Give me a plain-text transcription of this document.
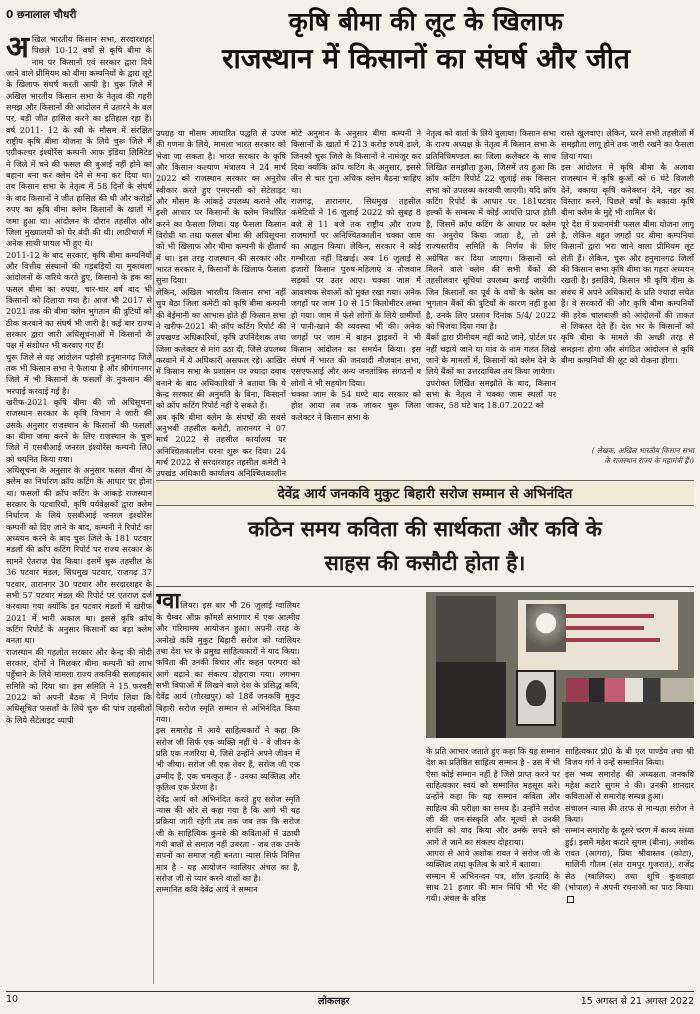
0 छनालाल चौधरी	कृषि बीमा की लूट के खिलाफ
राजस्थान में किसानों का संघर्ष और जीत
अ खिल भारतीय किसान सभा, सरदारशहर पिछले 10-12 वर्षों से कृषि बीमा के नाम पर किसानों एवं सरकार द्वारा दिये जाने वाले प्रीमियम को बीमा कम्पनियों के द्वारा लूटे के खिलाफ संघर्ष करती आयी है। चुरू जिले में अखिल भारतीय किसान सभा के नेतृत्व की गहरी समझ और किसानों की आंदोलन में उतारने के बल पर, बड़ी जीत हासिल करने का इतिहास रहा है। वर्ष 2011- 12 के रबी के मौसम में संरक्षित राष्ट्रीय कृषि बीमा योजना के लिये चुरू जिले में एग्रीकल्चर इंश्योरेंस कम्पनी आफ इंडिया लिमिटेड ने जिले में चने की फसल की बुआई नहीं होने का बहाना बना कर क्लेम देने से मना कर दिया था। तब किसान सभा के नेतृत्व में 58 दिनों के संघर्ष के बाद किसानों ने जीत हासिल की थी और करोड़ों रुपए का कृषि बीमा क्लेम किसानों के खातों में जमा हुआ था। आंदोलन के दौरान तहसील और जिला मुख्यालयों को घेर बंदी की थी। लाठीचार्ज में अनेक साथी घायल भी हुए थे।

2011-12 के बाद सरकार, कृषि बीमा कम्पनियों और वित्तीय संस्थानों की गड़बड़ियों या मुकाबला आंदोलनों के जरिये करते हुए, किसानो के हक का फसल बीमा का रुपया, चार-चार वर्ष बाद भी किसानों को दिलाया गया है। आज भी 2017 से 2021 तक की बीमा क्लेम भुगतान की त्रुटियों को ठीक करवाने का संघर्ष भी जारी है। कई बार राज्य सरकार द्वारा जारी अधिसूचनाओं में किसानों के पक्ष में संशोधन भी करवाए गए हैं।

चुरू जिले से यह आंदोलन पड़ोसी हनुमानगढ़ जिले तक भी किसान सभा ने फैलाया है और श्रीगंगानगर जिले में भी किसानों के फसलों के नुकसान की भरपाई करवाई गई है।

खरीफ-2021 कृषि बीमा की जो अधिसूचना राजस्थान सरकार के कृषि विभाग ने जारी की उसके अनुसार राजस्थान के किसानों की फसलों का बीमा जमा करने के लिए राजस्थान के चुरू जिले में एसबीआई जनरल इंश्योरेंस कम्पनी लि0 को चयनित किया गया।

अधिसूचना के अनुसार के अनुसार फसल बीमा के क्लेम का निर्धारण क्रॉप कटिंग के आधार पर होना था। फसलों की क्रॉप कटिंग के आंकड़े राजस्थान सरकार के पटवारियों, कृषि पर्यवेक्षकों द्वारा क्लेम निर्धारण के लिये एसबीआई जनरल इंश्योरेंस कम्पनी को दिए जाने के बाद, कम्पनी ने रिपोर्ट का अध्ययन करने के बाद चुरू जिले के 181 पटवार मंडलों की क्रॉप कटिंग रिपोर्ट पर राज्य सरकार के सामने ऐतराज पेश किया। इसमें चुरू तहसील के 36 पटवार मंडल, सिधमुख पटवार, राजगढ़ 37 पटवार, तारानगर 30 पटवार और सरदारशहर के सभी 57 पटवार मंडल की रिपोर्ट पर एतराज दर्ज करवाया गया क्योंकि इन पटवार मंडलों में खरीफ 2021 में भारी अकाल था। इससे कृषि क्रॉप कटिंग रिपोर्ट के अनुसार किसानों का बड़ा क्लेम बनता था।

राजस्थान की गहलोत सरकार और केन्द्र की मोदी सरकार, दोनों ने मिलकर बीमा कम्पनी को लाभ पहुँचाने के लिये मामला राज्य तकनिकी सलाहकार समिति को दिया था। इस समिति ने 15 फरवरी 2022 को अपनी बैठक में निर्णय लिया कि अधिसूचित फसलों के लिये चुरू की पांच तहसीलों के लिये सैटेलाइट व्यापी

उपग्रह या मौसम आधारित पद्धति से उपज की गणना के लिये, मामला भारत सरकार को भेजा जा सकता है। भारत सरकार के कृषि और किसान कल्याण मंत्रालय ने 24 मार्च 2022 को राजस्थान सरकार का अनुरोध स्वीकार करते हुए एमएनसी को सेटेलाइट और मौसम के आंकड़े उपलब्ध कराने और इसी आधार पर किसानों के क्लेम निर्धारित करने का फैसला लिया। यह फैसला किसान विरोधी था तथा फसल बीमा की अधिसूचना को भी खिलाफ और बीमा कम्पनी के हीतार्थ में था। इस तरह राजस्थान की सरकार और भारत सरकार ने, किसानों के खिलाफ फैसला सुना दिया।

लेकिन, अखिल भारतीय किसान सभा नहीं चुप बैठा जिला कमेटी को कृषि बीमा कम्पनी की बेईमानी का आभास होते ही किसान सभा ने खरीफ-2021 की क्रॉप कटिंग रिपोर्ट की उपखण्ड अधिकारियों, कृषि उपनिदेशक तथा जिला कलेक्टर से मांग उठा दी, जिसे उपलब्ध करवाने में ये अधिकारी असफल रहे। आखिर में किसान सभा के प्रशासन पर ज्यादा दबाव बनाने के बाद अधिकारियों ने बताया कि ये केन्द्र सरकार की अनुमति के बिना, किसानों को क्रॉप कटिंग रिपोर्ट नहीं दे सकते हैं।

अब कृषि बीमा क्लेम के संघर्षों की सबसे अनुभवी तहसील कमेटी, तारानगर ने 07 मार्च 2022 से तहसील कार्यालय पर अनिश्चितकालीन धरना शुरू कर दिया। 24 मार्च 2022 से सरदारशहर तहसील कमेटी ने उपखंड अधिकारी कार्यालय अनिश्चितकालीन

मोटे अनुमान के अनुसार बीमा कम्पनी ने किसानों के खातों में 213 करोड़ रुपये डाले, जिनको चुरू जिले के किसानों ने नामंजूर कर दिया क्योंकि क्रॉप कटिंग के अनुसार, इससे तीन से चार गुना अधिक क्लेम बैठना चाहिए था।

राजगढ़, तारानगर, सिधमुख तहसील कमेटियों ने 16 जुलाई 2022 को सुबह 8 बजे से 11 बजे तक राष्ट्रीय और राज्य राजमार्गों पर अनिश्चितकालीन चक्का जाम का आह्वान किया। लेकिन, सरकार ने कोई गम्भीरता नहीं दिखाई। अब 16 जुलाई से हजारों किसान पुरुष-महिलाएं व नौजवान सड़कों पर उतर आए। चक्का जाम में आवश्यक सेवाओं को मुक्त रखा गया। अनेक जगहों पर जाम 10 से 15 किलोमीटर लम्बा हो गया। जाम में फंसे लोगों के लिये ग्रामीणों ने पानी-खाने की व्यवस्था भी की। अनेक जगहों पर जाम में वाहन ड्राइवरों ने भी किसान आंदोलन का समर्थन किया। इस संघर्ष में भारत की जनवादी नौजवान सभा, एसएफआई और अन्य जनतांत्रिक संगठनों व लोगों ने भी सहयोग दिया।

चक्का जाम के 54 घण्टे बाद सरकार को होश आया तब तक जाकर चुरू जिला कलेक्टर ने किसान सभा के

नेतृत्व को वार्ता के लिये बुलाया। किसान सभा के राज्य अध्यक्ष के नेतृत्व में किसान सभा के प्रतिनिधिमण्डल का जिला कलेक्टर के साथ लिखित समझौता हुआ, जिसमें तय हुआ कि क्रॉप कटिंग रिपोर्ट 22 जुलाई तक किसान सभा को उपलब्ध करवायी जाएगी। यदि क्रॉप कटिंग रिपोर्ट के आधार पर 181पटवार हल्कों के सम्बन्ध में कोई आपत्ति प्राप्त होती है, जिसमें क्रॉप कटिंग के आधार पर क्लेम का अनुरोध किया जाता है, तो उसे राज्यस्तरीय समिति के निर्णय के लिए अग्रेषित कर दिया जाएगा। किसानों को मिलने वाले क्लेम की सभी बैंकों की तहसीलवार सूचियां उपलब्ध कराई जायेंगी। जिन किसानों का पूर्व के वर्षों के क्लेम का भुगतान बैंकों की त्रुटियों के कारण नहीं हुआ है, उनके लिए प्रस्ताव दिनांक 5/4/ 2022 को भिजवा दिया गया है।

बैंकों द्वारा प्रीमीयम नहीं काटे जाने, पोर्टल पर नहीं चढ़ाये जाने या गांव के नाम गलत लिखे जाने के मामलों में, किसानों को क्लेम देने के लिये बैंकों का उत्तरदायित्व तय किया जायेगा।

उपरोक्त लिखित समझौते के बाद, किसान सभा के नेतृत्व ने चक्का जाम स्थलों पर जाकर, 58 घंटे बाद 18.07.2022 को

रास्ते खुलवाए। लेकिन, धरने सभी तहसीलों में समझौता लागू होने तक जारी रखने का फैसला लिया गया।

इस आंदोलन में कृषि बीमा के अलावा राजस्थान में कृषि कुओं को 6 घंटे बिजली देने, बकाया कृषि कनेक्शन देने, नहर का विस्तार करने, पिछले वर्षों के बकाया कृषि बीमा क्लेम के मुद्दे भी शामिल थे।

पूरे देश में प्रधानमंत्री फसल बीमा योजना लागू है, लेकिन बहुत जगहों पर बीमा कम्पनियां किसानों द्वारा भरा जाने वाला प्रीमियम लूट लेती हैं। लेकिन, चुरू और हनुमानगढ़ जिलों की किसान सभा कृषि बीमा का गहरा अध्ययन रखती है। इसलिये, किसान भी कृषि बीमा के संबंध में अपने अधिकारों के प्रति ज्यादा सचेत हैं। वे सरकारों की और कृषि बीमा कम्पनियों की हरेक चालबाजी को आंदोलनों की ताकत से शिकस्त देते हैं। देश भर के किसानों को कृषि बीमा के मामले की अच्छी तरह से समझना होगा और संगठित आंदोलन से कृषि बीमा कम्पनियों की लूट को रोकना होगा।

( लेखक, अखिल भारतीय किसान सभा
के राजस्थान राज्य के महामंत्री हैं।)
देवेंद्र आर्य जनकवि मुकुट बिहारी सरोज सम्मान से अभिनंदित
कठिन समय कविता की सार्थकता और कवि के
साहस की कसौटी होता है।

ग्वालियर। इस बार भी 26 जुलाई ग्वालियर के चैम्बर ऑफ़ कॉमर्स सभागार में एक आत्मीय और गरिमामय आयोजन हुआ। अपनी तरह के अनोखे कवि मुकुट बिहारी सरोज को ग्वालियर तथा देश भर के प्रमुख साहित्यकारों ने याद किया। कविता की उनकी विचार और कहन परम्परा को आगे बढ़ाने का संकल्प दोहराया गया। लगभग सभी विधाओं में लिखने वाले देश के प्रसिद्ध कवि, देवेंद्र आर्य (गोरखपुर) को 18वें जनकवि मुकुट बिहारी सरोज स्मृति सम्मान से अभिनंदित किया गया।

इस समारोह में आये साहित्यकारों ने कहा कि सरोज जी सिर्फ एक व्यक्ति नहीं थे - वे जीवन के प्रति एक नजरिया थे, जिसे उन्होंने अपने जीवन में भी जीया। सरोज जी एक तेवर हैं, सरोज जी एक उम्मीद हैं, एक चमत्कृत हैं - उनका व्यक्तित्व और कृतित्व एक प्रेरणा है।

देवेंद्र आर्य को अभिनंदित करते हुए सरोज स्मृति न्यास की ओर से कहा गया है कि आगे भी यह प्रक्रिया जारी रहेगी तब तक जब तक कि सरोज जी के साहित्यिक कुनबे की कविताओं में उठायी गयी बातों से समाज नहीं उबरता - जब तक उनके सपनों का समाज नहीं बनता। न्यास सिर्फ निमित्त मात्र है - यह आयोजन ग्वालियर अंचल का है, सरोज जी से प्यार करने वालों का है।

सम्मानित कवि देवेंद्र आर्य ने सम्मान

के प्रति आभार जताते हुए कहा कि यह सम्मान देश का प्रतिष्ठित साहित्य सम्मान है - उस में भी ऐसा कोई सम्मान नहीं है जिसे प्राप्त करने पर साहित्यकार स्वयं को सम्मानित महसूस करे। उन्होंने कहा कि यह सम्मान कविता और साहित्य की परीक्षा का समय है। उन्होंने सरोज जी की जन-संस्कृति और मूल्यों से उनकी संगति को याद किया और उनके सपने को आगे ले जाने का संकल्प दोहराया।

आगरा से आये अशोक रावत ने सरोज जी के व्यक्तित्व तथा कृतित्व के बारे में बताया।

सम्मान में अभिनन्दन पत्र, शॉल इत्यादि के साथ 21 हजार की मान निधि भी भेंट की गयी। अंचल के वरिष्ठ

साहित्यकार प्रो0 के बी एल पाण्डेय तथा श्री विजय गर्ग ने उन्हें सम्मानित किया।

इस भव्य समारोह की अध्यक्षता जनकवि महेश कटारे सुगम ने की। उनकी शानदार कविताओं से समारोह सम्पन्न हुआ।

संचालन न्यास की तरफ से मान्यता सरोज ने किया।

सम्मान समारोह के दूसरे चरण में काव्य संध्या हुई। इसमें महेश कटारे सुगम (बीना), अशोक रावत (आगरा), प्रिया श्रीवास्तव (कोटा), मालिनी गौतम (संत रामपुर गुजरात), राजेंद्र सेठ (ग्वालियर) तथा शुचि कुशवाहा (भोपाल) ने अपनी रचनाओं का पाठ किया।

10	लोकलहर	15 अगस्त से 21 अगस्त 2022
